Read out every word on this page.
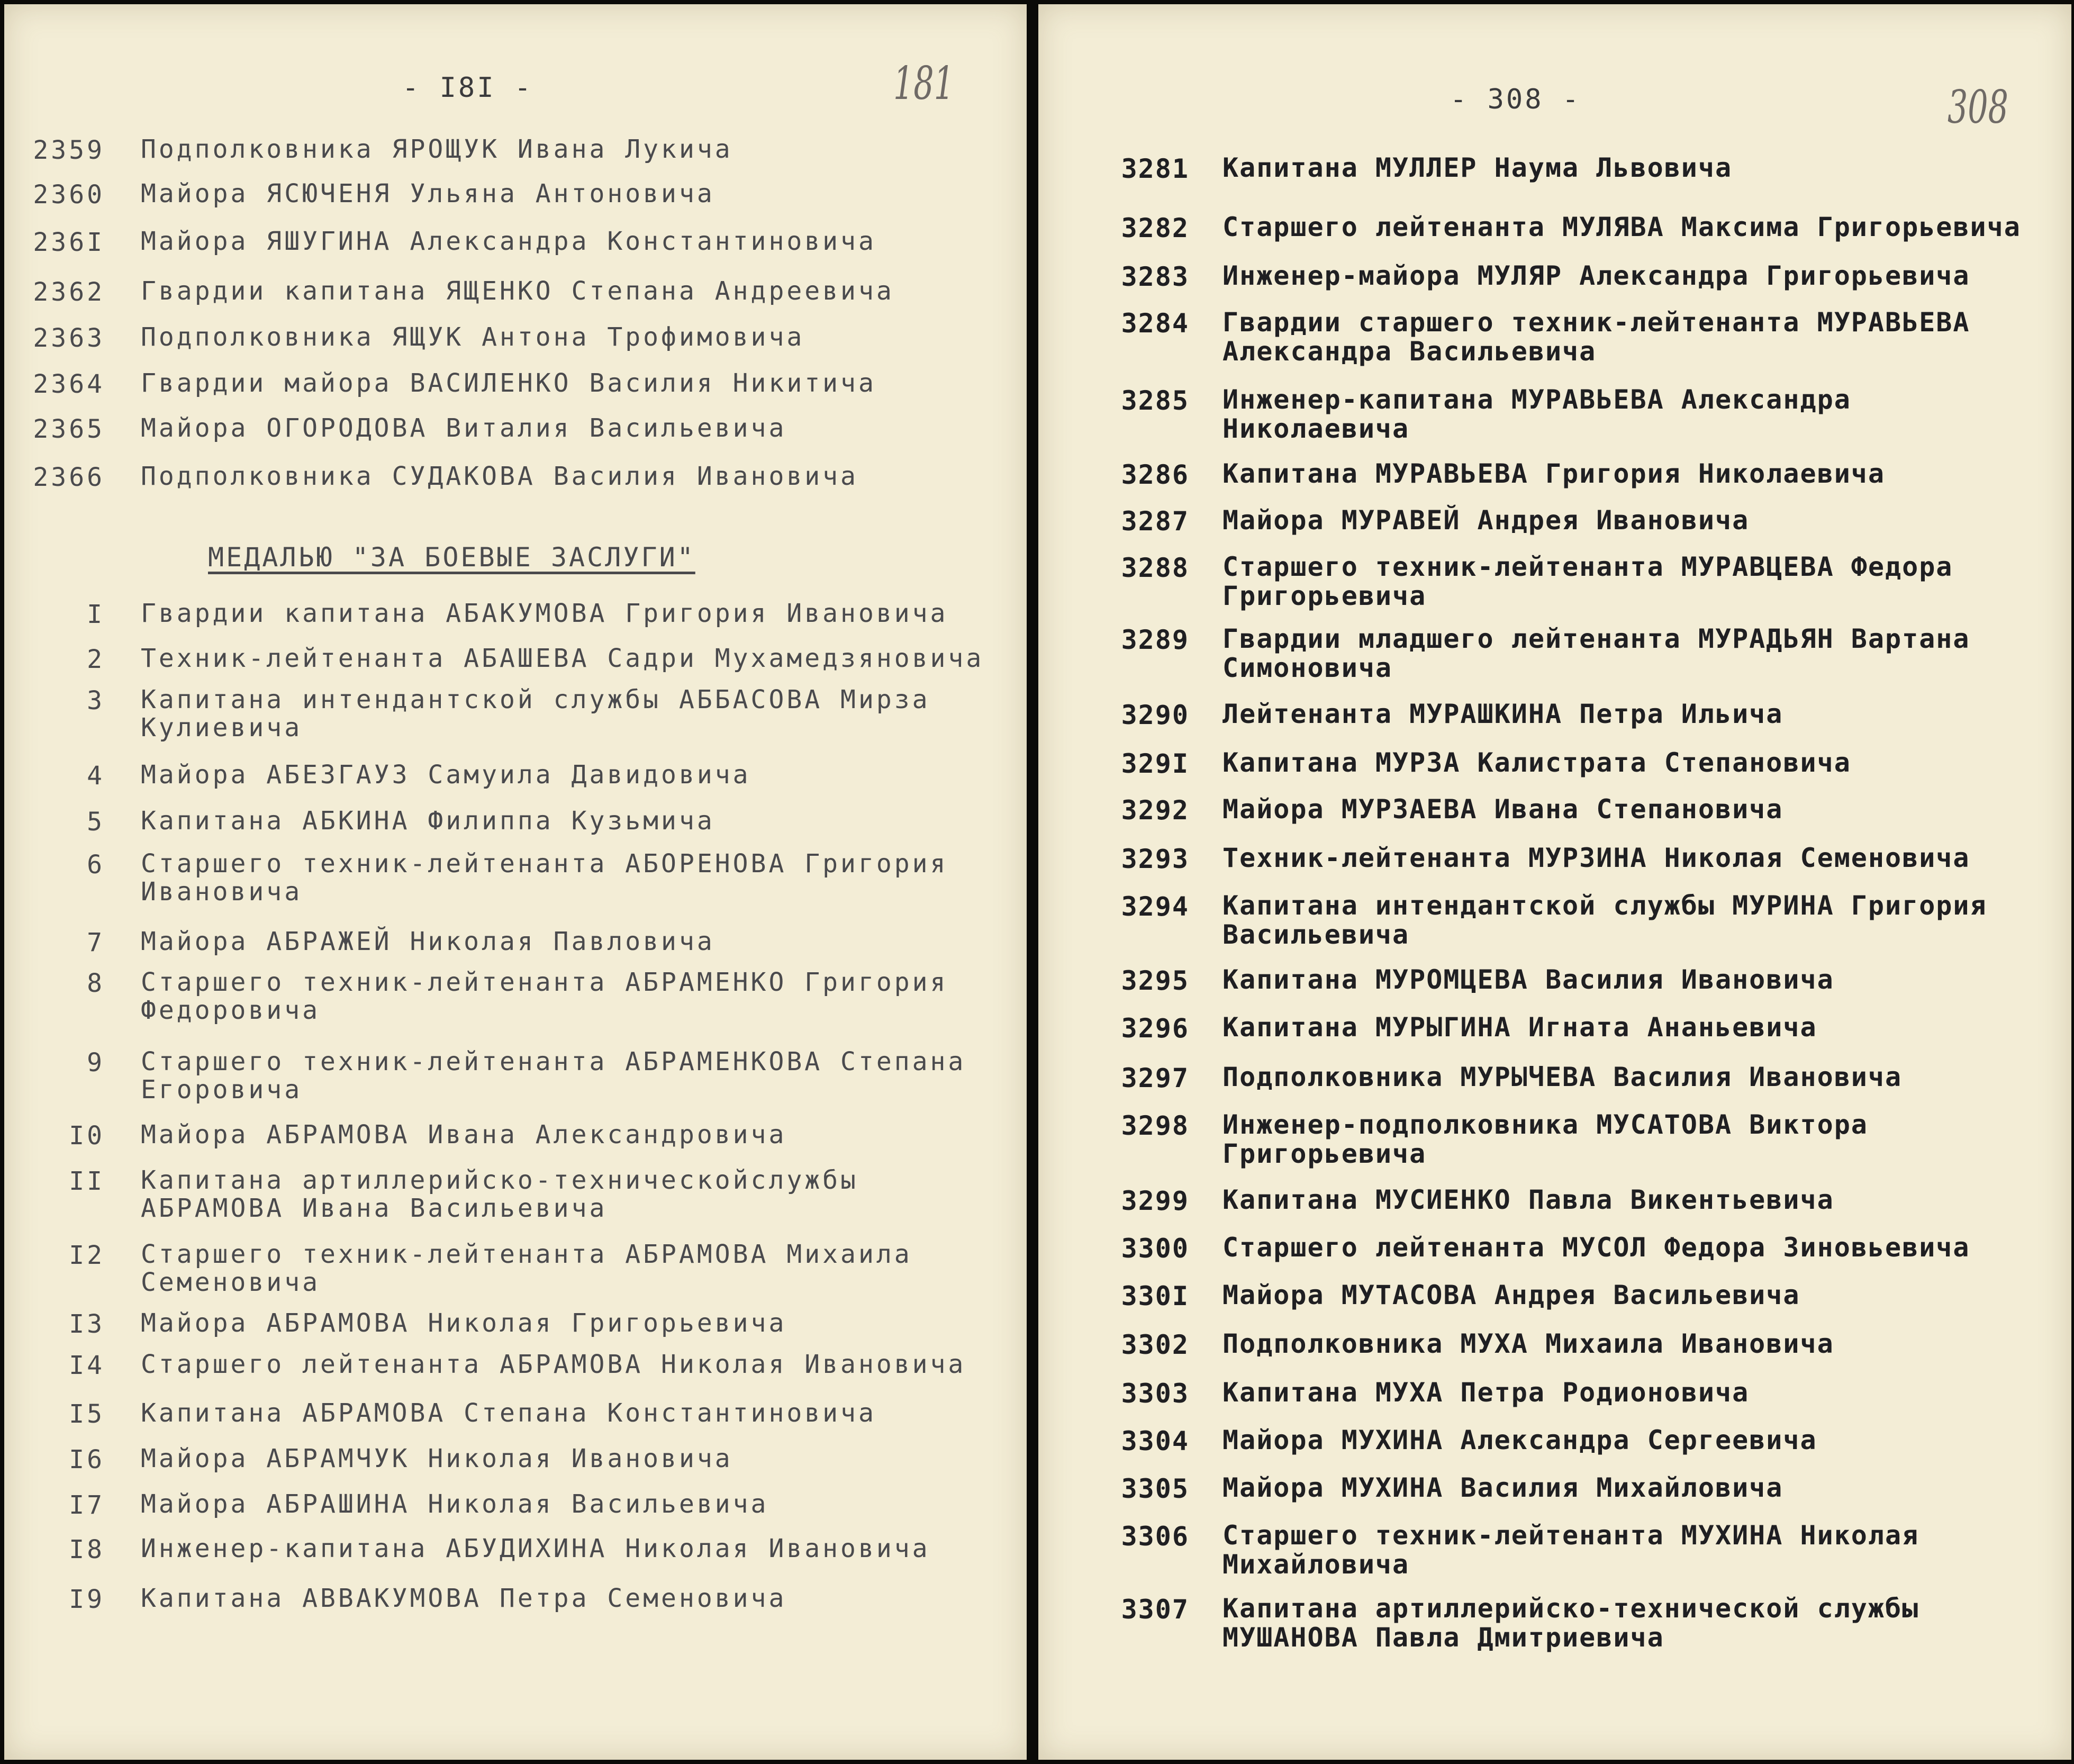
- I8I -	181
2359 Подполковника ЯРОЩУК Ивана Лукича
2360 Майора ЯСЮЧЕНЯ Ульяна Антоновича
236I Майора ЯШУГИНА Александра Константиновича
2362 Гвардии капитана ЯЩЕНКО Степана Андреевича
2363 Подполковника ЯЩУК Антона Трофимовича
2364 Гвардии майора ВАСИЛЕНКО Василия Никитича
2365 Майора ОГОРОДОВА Виталия Васильевича
2366 Подполковника СУДАКОВА Василия Ивановича
МЕДАЛЬЮ "ЗА БОЕВЫЕ ЗАСЛУГИ"
I Гвардии капитана АБАКУМОВА Григория Ивановича
2 Техник-лейтенанта АБАШЕВА Садри Мухамедзяновича
3 Капитана интендантской службы АББАСОВА Мирза
Кулиевича
4 Майора АБЕЗГАУЗ Самуила Давидовича
5 Капитана АБКИНА Филиппа Кузьмича
6 Старшего техник-лейтенанта АБОРЕНОВА Григория
Ивановича
7 Майора АБРАЖЕЙ Николая Павловича
8 Старшего техник-лейтенанта АБРАМЕНКО Григория
Федоровича
9 Старшего техник-лейтенанта АБРАМЕНКОВА Степана
Егоровича
I0 Майора АБРАМОВА Ивана Александровича
II Капитана артиллерийско-техническойслужбы
АБРАМОВА Ивана Васильевича
I2 Старшего техник-лейтенанта АБРАМОВА Михаила
Семеновича
I3 Майора АБРАМОВА Николая Григорьевича
I4 Старшего лейтенанта АБРАМОВА Николая Ивановича
I5 Капитана АБРАМОВА Степана Константиновича
I6 Майора АБРАМЧУК Николая Ивановича
I7 Майора АБРАШИНА Николая Васильевича
I8 Инженер-капитана АБУДИХИНА Николая Ивановича
I9 Капитана АВВАКУМОВА Петра Семеновича
- 308 -	308
3281 Капитана МУЛЛЕР Наума Львовича
3282 Старшего лейтенанта МУЛЯВА Максима Григорьевича
3283 Инженер-майора МУЛЯР Александра Григорьевича
3284 Гвардии старшего техник-лейтенанта МУРАВЬЕВА
Александра Васильевича
3285 Инженер-капитана МУРАВЬЕВА Александра
Николаевича
3286 Капитана МУРАВЬЕВА Григория Николаевича
3287 Майора МУРАВЕЙ Андрея Ивановича
3288 Старшего техник-лейтенанта МУРАВЦЕВА Федора
Григорьевича
3289 Гвардии младшего лейтенанта МУРАДЬЯН Вартана
Симоновича
3290 Лейтенанта МУРАШКИНА Петра Ильича
329I Капитана МУРЗА Калистрата Степановича
3292 Майора МУРЗАЕВА Ивана Степановича
3293 Техник-лейтенанта МУРЗИНА Николая Семеновича
3294 Капитана интендантской службы МУРИНА Григория
Васильевича
3295 Капитана МУРОМЦЕВА Василия Ивановича
3296 Капитана МУРЫГИНА Игната Ананьевича
3297 Подполковника МУРЫЧЕВА Василия Ивановича
3298 Инженер-подполковника МУСАТОВА Виктора
Григорьевича
3299 Капитана МУСИЕНКО Павла Викентьевича
3300 Старшего лейтенанта МУСОЛ Федора Зиновьевича
330I Майора МУТАСОВА Андрея Васильевича
3302 Подполковника МУХА Михаила Ивановича
3303 Капитана МУХА Петра Родионовича
3304 Майора МУХИНА Александра Сергеевича
3305 Майора МУХИНА Василия Михайловича
3306 Старшего техник-лейтенанта МУХИНА Николая
Михайловича
3307 Капитана артиллерийско-технической службы
МУШАНОВА Павла Дмитриевича
